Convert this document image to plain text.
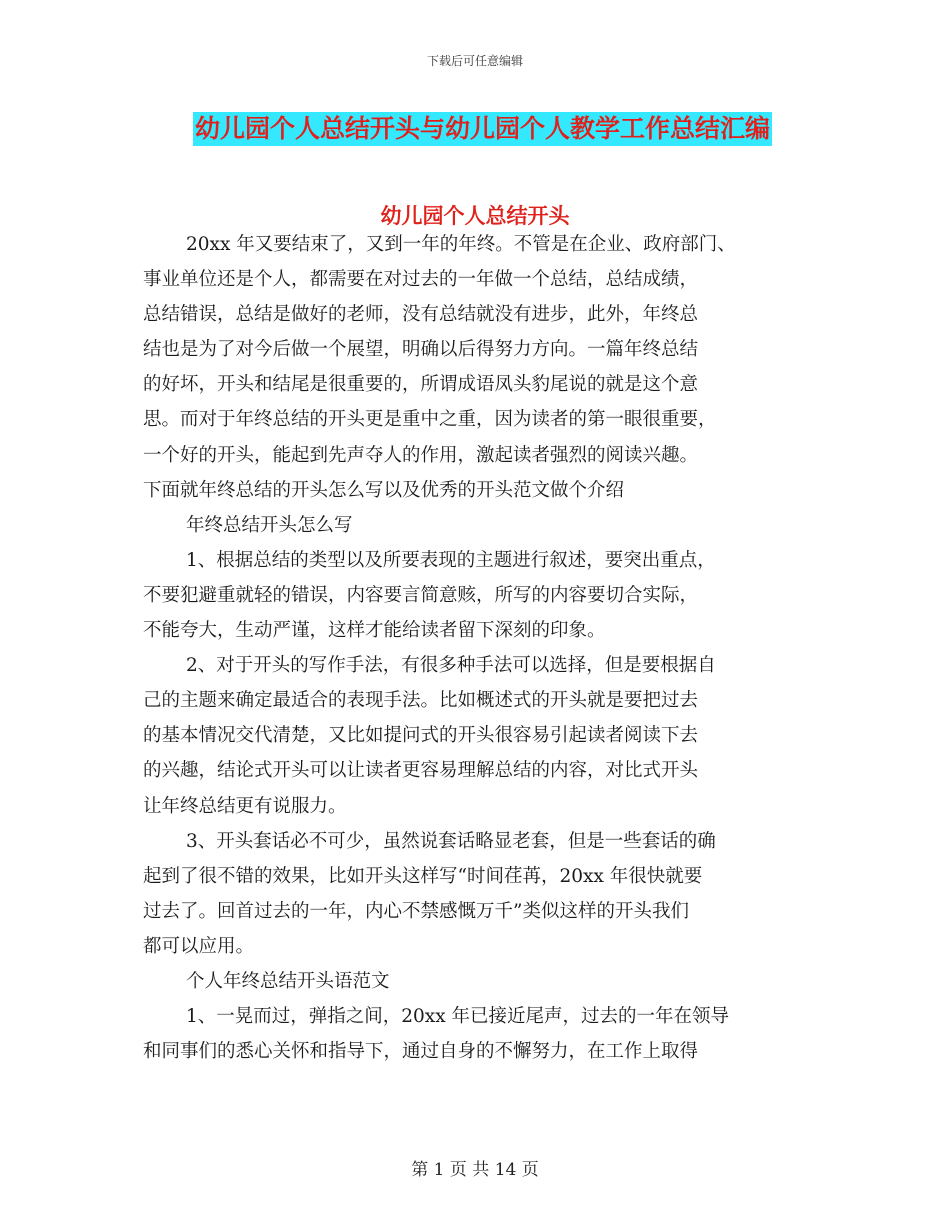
下载后可任意编辑
幼儿园个人总结开头与幼儿园个人教学工作总结汇编
幼儿园个人总结开头
20xx 年又要结束了，又到一年的年终。不管是在企业、政府部门、
事业单位还是个人，都需要在对过去的一年做一个总结，总结成绩，
总结错误，总结是做好的老师，没有总结就没有进步，此外，年终总
结也是为了对今后做一个展望，明确以后得努力方向。一篇年终总结
的好坏，开头和结尾是很重要的，所谓成语凤头豹尾说的就是这个意
思。而对于年终总结的开头更是重中之重，因为读者的第一眼很重要，
一个好的开头，能起到先声夺人的作用，激起读者强烈的阅读兴趣。
下面就年终总结的开头怎么写以及优秀的开头范文做个介绍
年终总结开头怎么写
1、根据总结的类型以及所要表现的主题进行叙述，要突出重点，
不要犯避重就轻的错误，内容要言简意赅，所写的内容要切合实际，
不能夸大，生动严谨，这样才能给读者留下深刻的印象。
2、对于开头的写作手法，有很多种手法可以选择，但是要根据自
己的主题来确定最适合的表现手法。比如概述式的开头就是要把过去
的基本情况交代清楚，又比如提问式的开头很容易引起读者阅读下去
的兴趣，结论式开头可以让读者更容易理解总结的内容，对比式开头
让年终总结更有说服力。
3、开头套话必不可少，虽然说套话略显老套，但是一些套话的确
起到了很不错的效果，比如开头这样写“时间荏苒，20xx 年很快就要
过去了。回首过去的一年，内心不禁感慨万千”类似这样的开头我们
都可以应用。
个人年终总结开头语范文
1、一晃而过，弹指之间，20xx 年已接近尾声，过去的一年在领导
和同事们的悉心关怀和指导下，通过自身的不懈努力，在工作上取得
第 1 页 共 14 页
